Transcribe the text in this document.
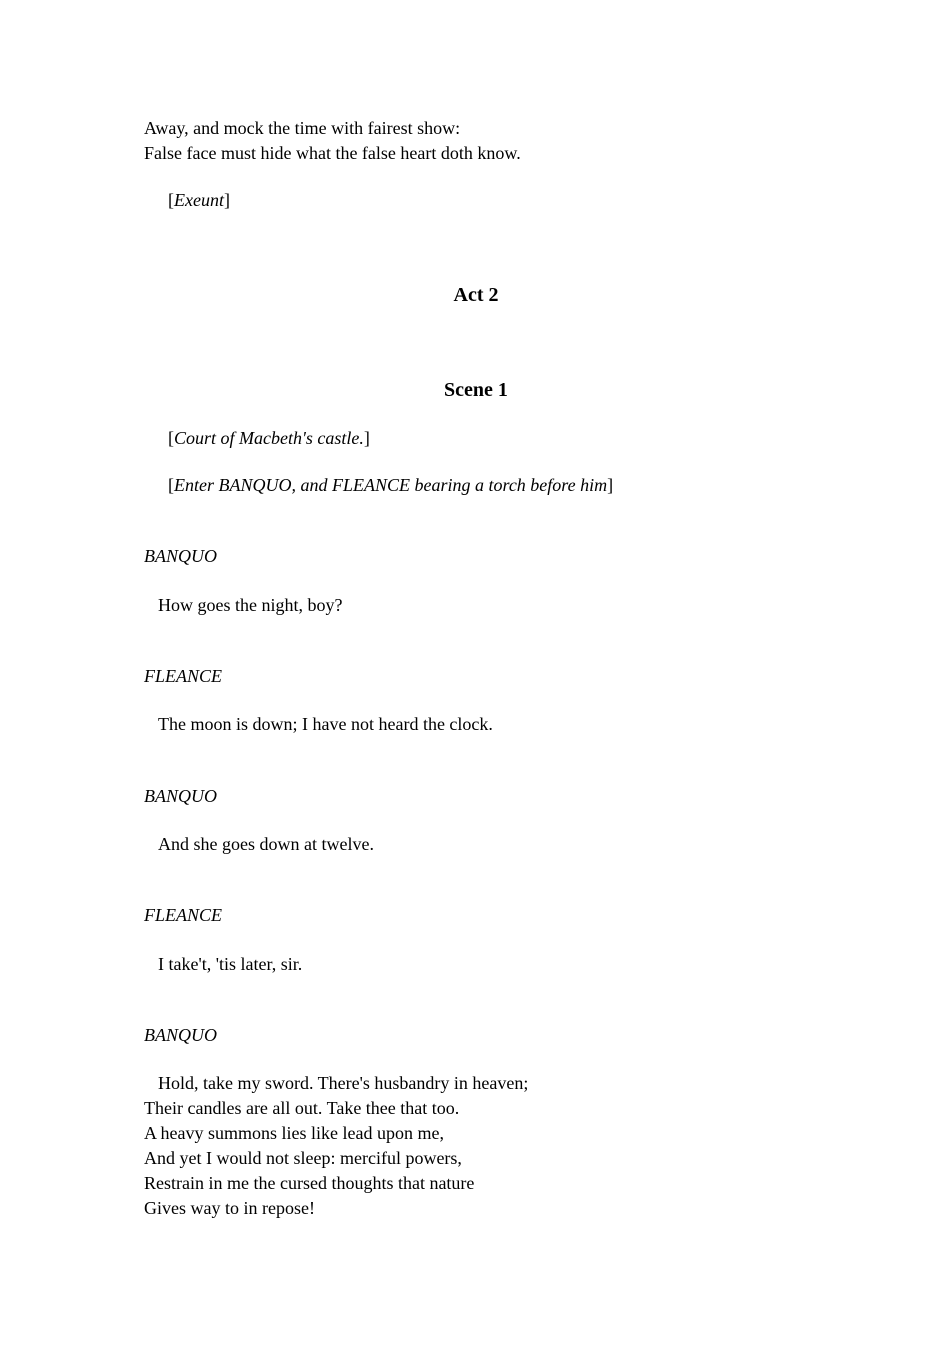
Away, and mock the time with fairest show:
False face must hide what the false heart doth know.
[Exeunt]
Act 2
Scene 1
[Court of Macbeth's castle.]
[Enter BANQUO, and FLEANCE bearing a torch before him]
BANQUO
How goes the night, boy?
FLEANCE
The moon is down; I have not heard the clock.
BANQUO
And she goes down at twelve.
FLEANCE
I take't, 'tis later, sir.
BANQUO
Hold, take my sword. There's husbandry in heaven;
Their candles are all out. Take thee that too.
A heavy summons lies like lead upon me,
And yet I would not sleep: merciful powers,
Restrain in me the cursed thoughts that nature
Gives way to in repose!
